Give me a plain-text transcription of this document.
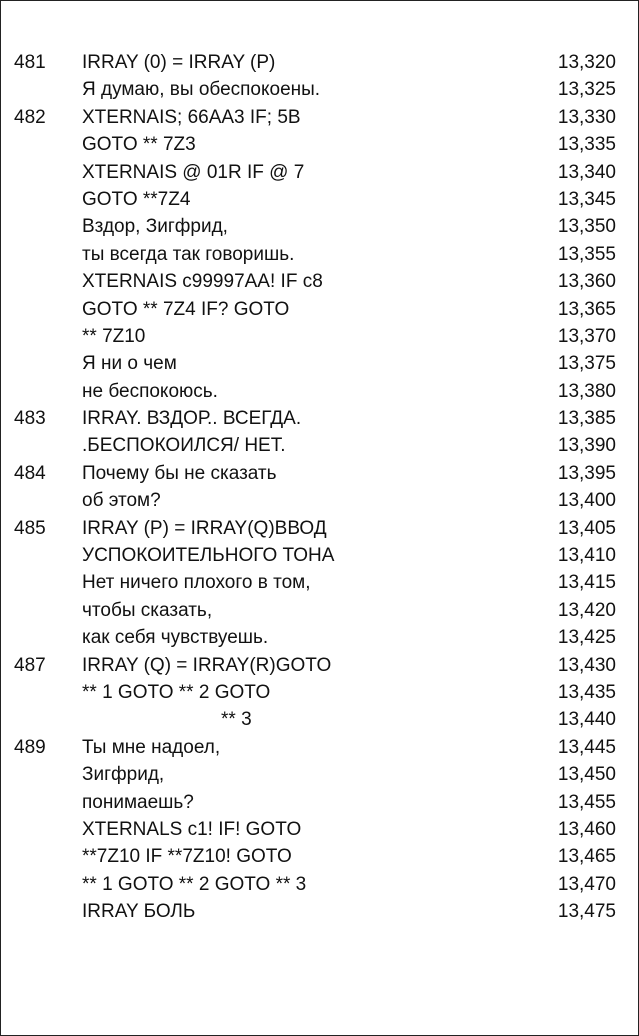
481 IRRAY (0) = IRRAY (P)	13,320
Я думаю, вы обеспокоены.	13,325
482 XTERNAIS; 66AA3 IF; 5B	13,330
GOTO ** 7Z3	13,335
XTERNAIS @ 01R IF @ 7	13,340
GOTO **7Z4	13,345
Вздор, Зигфрид,	13,350
ты всегда так говоришь.	13,355
XTERNAIS c99997AA! IF c8	13,360
GOTO ** 7Z4 IF? GOTO	13,365
** 7Z10	13,370
Я ни о чем	13,375
не беспокоюсь.	13,380
483 IRRAY. ВЗДОР.. ВСЕГДА.	13,385
.БЕСПОКОИЛСЯ/ НЕТ.	13,390
484 Почему бы не сказать	13,395
об этом?	13,400
485 IRRAY (P) = IRRAY(Q)ВВОД	13,405
УСПОКОИТЕЛЬНОГО ТОНА	13,410
Нет ничего плохого в том,	13,415
чтобы сказать,	13,420
как себя чувствуешь.	13,425
487 IRRAY (Q) = IRRAY(R)GOTO	13,430
** 1 GOTO ** 2 GOTO	13,435
** 3	13,440
489 Ты мне надоел,	13,445
Зигфрид,	13,450
понимаешь?	13,455
XTERNALS c1! IF! GOTO	13,460
**7Z10 IF **7Z10! GOTO	13,465
** 1 GOTO ** 2 GOTO ** 3	13,470
IRRAY БОЛЬ	13,475
